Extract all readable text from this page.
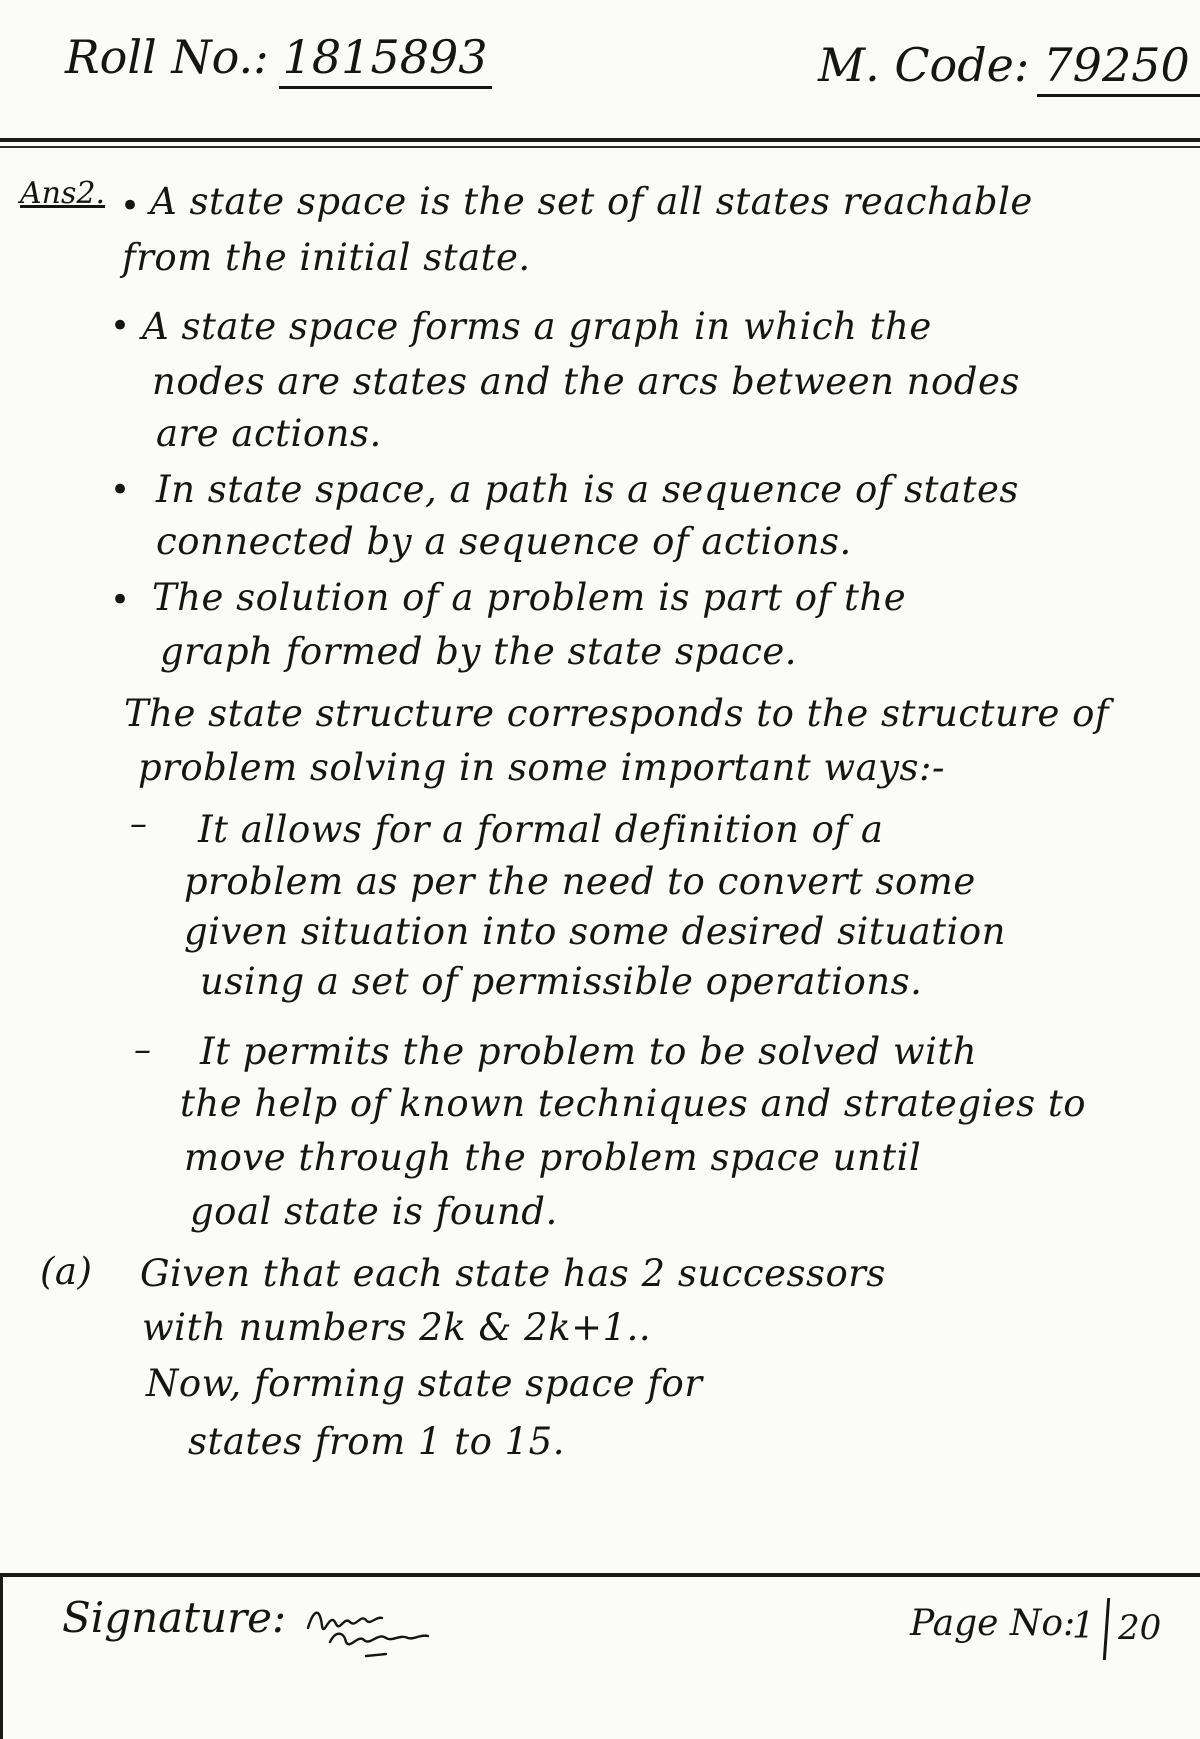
Roll No.: 1815893	M. Code: 79250
Ans2. • A state space is the set of all states reachable
from the initial state.
• A state space forms a graph in which the
nodes are states and the arcs between nodes
are actions.
• In state space, a path is a sequence of states
connected by a sequence of actions.
• The solution of a problem is part of the
graph formed by the state space.
The state structure corresponds to the structure of
problem solving in some important ways:-
– It allows for a formal definition of a
problem as per the need to convert some
given situation into some desired situation
using a set of permissible operations.
– It permits the problem to be solved with
the help of known techniques and strategies to
move through the problem space until
goal state is found.
(a) Given that each state has 2 successors
with numbers 2k & 2k+1..
Now, forming state space for
states from 1 to 15.
Signature:	Page No:
1 20
